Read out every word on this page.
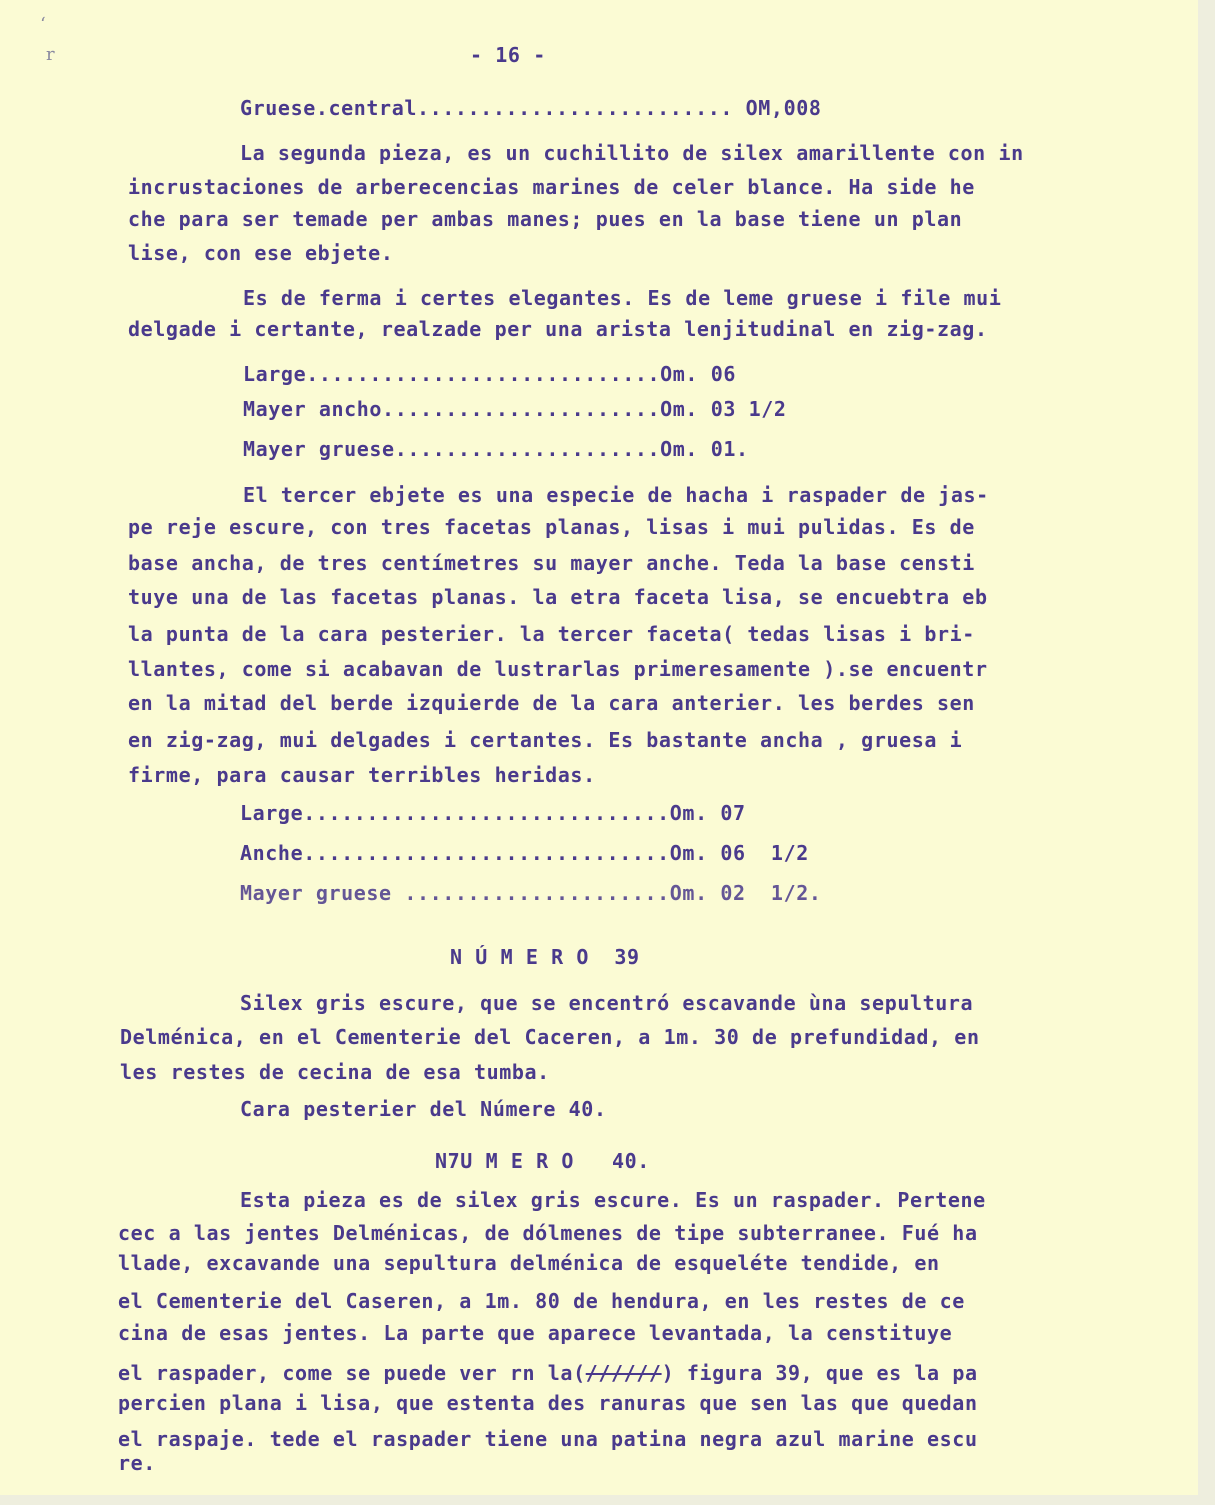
ʻ
r	- 16 -
Gruese.central......................... OM,008
La segunda pieza, es un cuchillito de silex amarillente con in
incrustaciones de arberecencias marines de celer blance. Ha side he
che para ser temade per ambas manes; pues en la base tiene un plan
lise, con ese ebjete.
Es de ferma i certes elegantes. Es de leme gruese i file mui
delgade i certante, realzade per una arista lenjitudinal en zig-zag.
Large............................Om. 06
Mayer ancho......................Om. 03 1/2
Mayer gruese.....................Om. 01.
El tercer ebjete es una especie de hacha i raspader de jas-
pe reje escure, con tres facetas planas, lisas i mui pulidas. Es de
base ancha, de tres centímetres su mayer anche. Teda la base censti
tuye una de las facetas planas. la etra faceta lisa, se encuebtra eb
la punta de la cara pesterier. la tercer faceta( tedas lisas i bri-
llantes, come si acabavan de lustrarlas primeresamente ).se encuentr
en la mitad del berde izquierde de la cara anterier. les berdes sen
en zig-zag, mui delgades i certantes. Es bastante ancha , gruesa i
firme, para causar terribles heridas.
Large.............................Om. 07
Anche.............................Om. 06  1/2
Mayer gruese .....................Om. 02  1/2.
N Ú M E R O  39
Silex gris escure, que se encentró escavande ùna sepultura
Delménica, en el Cementerie del Caceren, a 1m. 30 de prefundidad, en
les restes de cecina de esa tumba.
Cara pesterier del Númere 40.
N7U M E R O   40.
Esta pieza es de silex gris escure. Es un raspader. Pertene
cec a las jentes Delménicas, de dólmenes de tipe subterranee. Fué ha
llade, excavande una sepultura delménica de esqueléte tendide, en
el Cementerie del Caseren, a 1m. 80 de hendura, en les restes de ce
cina de esas jentes. La parte que aparece levantada, la censtituye
el raspader, come se puede ver rn la(//////) figura 39, que es la pa
percien plana i lisa, que estenta des ranuras que sen las que quedan
el raspaje. tede el raspader tiene una patina negra azul marine escu
re.
